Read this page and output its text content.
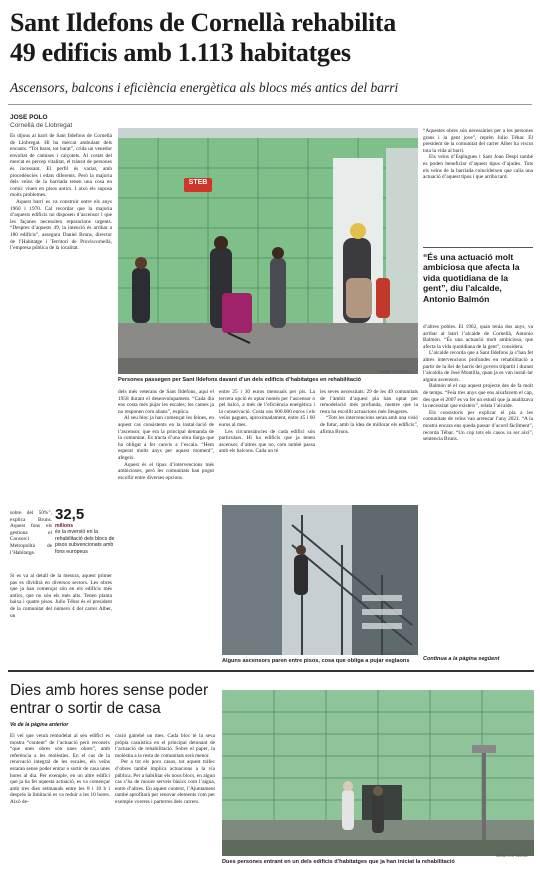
Sant Ildefons de Cornellà rehabilita
49 edificis amb 1.113 habitatges
Ascensors, balcons i eficiència energètica als blocs més antics del barri
JOSE POLO
Cornellà de Llobregat

És dijous al barri de Sant Ildefons de Cornellà de Llobregat. Hi ha mercat ambulant dels encants. “Tot barat, tot barat”, crida un venedor envoltat de camises i calçotets. Al costat del mercat es percep vitalitat, el trànsit de persones és incessant. El perfil és variat, amb procedències i edats diferents. Però la majoria dels veïns de la barriada tenen una cosa en comú: viuen en pisos antics. I això els suposa molts problemes.

Aquest barri es va construir entre els anys 1960 i 1970. Cal recordar que la majoria d’aquests edificis no disposen d’ascensor i que les façanes necessiten reparacions urgents. “Despres d’aquests 49, la intenció és arribar a 180 edificis”, assegura Daniel Bruns, director de l’Habitatge i Territori de Proviscornellà, l’empresa pública de la localitat.

32,5
milions
és la inversió en la rehabilitació dels blocs de pisos subvencionats amb fons europeus

sobre del 50%”, explica Bruns. Aquest fons els gestiona el Consorci Metropolità de l’Habitatge.

Si es va al detall de la mesura, aquest primer pas es dividirà en diversos sectors. Les obres que ja han començat són en els edificis més antics, que no són els més alts. Tenen planta baixa i quatre pisos. Julio Tébar és el president de la comunitat del número 4 del carrer Alber, un

STEB
MANE ESPINOSA
Persones passegen per Sant Ildefons davant d’un dels edificis d’habitatges en rehabilitació

dels més veterans de Sant Ildefons, aquí el 1958 durant el desenvolupament. “Cada dia ens costa més pujar les escales; les cames ja no responen com abans”, explica.

Al seu bloc ja han començat les feines, en aquest cas consistents en la instal·lació de l’ascensor, que era la principal demanda de la comunitat. Es tracta d’una obra llarga que ha obligat a fer canvis a l’escala. “Hem esperat molts anys per aquest moment”, afegeix.

Aquest és el tipus d’intervencions més ambicioses, però les comunitats han pogut escollir entre diverses opcions.

entre 25 i 30 euros mensuals per pis. La tercera opció és optar només per l’ascensor o pel balcó, a més de l’eficiència energètica i la conservació. Costa uns 600.000 euros i els veïns paguen, aproximadament, entre 45 i 60 euros al mes.

Les circumstàncies de cada edifici són particulars. Hi ha edificis que ja tenen ascensor, d’altres que no, com també passa amb els balcons. Cada un té

les seves necessitats: 29 de les 49 comunitats de l’àmbit d’aquest pla han optat per remodelació més profunda, mentre que la resta ha escollit actuacions més lleugeres.

“Tots les intervencions seran amb una visió de futur, amb la idea de millorar els edificis”, afirma Bruns.

MANE ESPINOSA
Alguns ascensors paren entre pisos, cosa que obliga a pujar esglaons

“Aquestes obres són necessàries per a les persones grans i la gent jove”, reprèn Julio Tébar. El president de la comunitat del carrer Alber ha viscut tota la vida al barri.

Els veïns d’Esplugues i Sant Joan Despí també es poden beneficiar d’aquest tipus d’ajudes. Tots els veïns de la barriada coincideixen que calia una actuació d’aquest tipus i que arriba tard.

“És una actuació molt ambiciosa que afecta la vida quotidiana de la gent”, diu l’alcalde, Antonio Balmón

d’altres pobles. El 1962, quan tenia dos anys, va arribar al barri l’alcalde de Cornellà, Antonio Balmón. “És una actuació molt ambiciosa, que afecta la vida quotidiana de la gent”, considera.

L’alcalde recorda que a Sant Ildefons ja s’han fet altres intervencions profundes en rehabilitació a partir de la llei de barris del govern tripartit i durant l’alcaldia de José Montilla, quan ja es van instal·lar alguns ascensors.

Balmón té el cap aquest projecte des de fa molt de temps. “Feia tres anys que ens aixafavem el cap, des que el 2007 es va fer un estudi que ja analitzava la necessitat que existeix”, relata l’alcalde.

Els consistoris per explicar el pla a les comunitats de veïns van arrencar l’any 2021. “A la mostra encara ens queda passar d’acord fàcilment”, recorda Tébar. “Un cop tots els casos va ser així”, sentencia Bruns.

Continua a la pàgina següent
Dies amb hores sense poder
entrar o sortir de casa
Ve de la pàgina anterior

El veí que veurà remodelat al seu edifici es mostra “content” de l’actuació però reconeix “que unes obres són unes obres”, amb referència a les molèsties. En el cas de la renovació integral de les escales, els veïns estaran sense poder entrar o sortir de casa unes hores al dia. Per exemple, en un altre edifici que ja ha fet aquesta actuació, es va començar amb tres dies setmanals entre les 8 i 10 h i després la limitació es va reduir a les 10 hores. Això de-

cació gairebé un mes. Cada bloc té la seva pròpia casuística en el principal detonant de l’actuació de rehabilitació. Sobre el paper, la molèstia a la resta de comunitats serà menor.

Per a tot els pocs casos, tot aquest tràfec d’obres també implica actuacions a la via pública. Per a habilitar els nous blocs, en algun cas s’ha de moure serveis bàsics com l’aigua, entre d’altres. En aquest context, l’Ajuntament també aprofitarà per renovar elements com per exemple voreres i parterres dels carrers.

Dues persones entrant en un dels edificis d’habitatges que ja han iniciat la rehabilitació
MANE ESPINOSA
